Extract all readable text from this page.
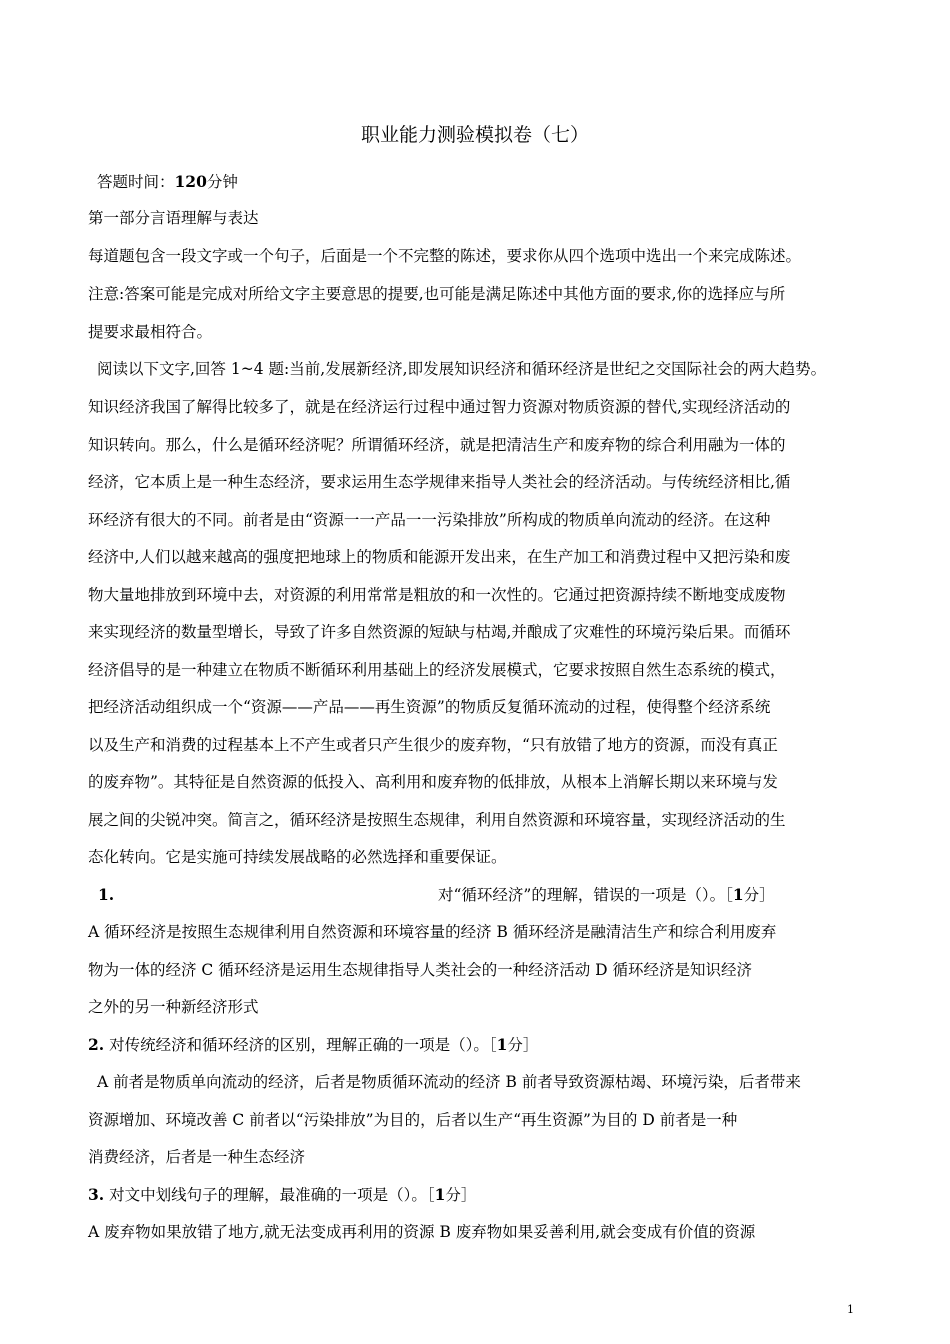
职业能力测验模拟卷（七）
答题时间：120分钟
第一部分言语理解与表达
每道题包含一段文字或一个句子，后面是一个不完整的陈述，要求你从四个选项中选出一个来完成陈述。
注意:答案可能是完成对所给文字主要意思的提要,也可能是满足陈述中其他方面的要求,你的选择应与所
提要求最相符合。
阅读以下文字,回答 1~4 题:当前,发展新经济,即发展知识经济和循环经济是世纪之交国际社会的两大趋势。
知识经济我国了解得比较多了，就是在经济运行过程中通过智力资源对物质资源的替代,实现经济活动的
知识转向。那么，什么是循环经济呢？所谓循环经济，就是把清洁生产和废弃物的综合利用融为一体的
经济，它本质上是一种生态经济，要求运用生态学规律来指导人类社会的经济活动。与传统经济相比,循
环经济有很大的不同。前者是由“资源一一产品一一污染排放”所构成的物质单向流动的经济。在这种
经济中,人们以越来越高的强度把地球上的物质和能源开发出来，在生产加工和消费过程中又把污染和废
物大量地排放到环境中去，对资源的利用常常是粗放的和一次性的。它通过把资源持续不断地变成废物
来实现经济的数量型增长，导致了许多自然资源的短缺与枯竭,并酿成了灾难性的环境污染后果。而循环
经济倡导的是一种建立在物质不断循环利用基础上的经济发展模式，它要求按照自然生态系统的模式，
把经济活动组织成一个“资源——产品——再生资源”的物质反复循环流动的过程，使得整个经济系统
以及生产和消费的过程基本上不产生或者只产生很少的废弃物，“只有放错了地方的资源，而没有真正
的废弃物”。其特征是自然资源的低投入、高利用和废弃物的低排放，从根本上消解长期以来环境与发
展之间的尖锐冲突。简言之，循环经济是按照生态规律，利用自然资源和环境容量，实现经济活动的生
态化转向。它是实施可持续发展战略的必然选择和重要保证。
1.	对“循环经济”的理解，错误的一项是（）。［1分］
A 循环经济是按照生态规律利用自然资源和环境容量的经济 B 循环经济是融清洁生产和综合利用废弃
物为一体的经济 C 循环经济是运用生态规律指导人类社会的一种经济活动 D 循环经济是知识经济
之外的另一种新经济形式
2. 对传统经济和循环经济的区别，理解正确的一项是（）。［1分］
A 前者是物质单向流动的经济，后者是物质循环流动的经济 B 前者导致资源枯竭、环境污染，后者带来
资源增加、环境改善 C 前者以“污染排放”为目的，后者以生产“再生资源”为目的 D 前者是一种
消费经济，后者是一种生态经济
3. 对文中划线句子的理解，最准确的一项是（）。［1分］
A 废弃物如果放错了地方,就无法变成再利用的资源 B 废弃物如果妥善利用,就会变成有价值的资源
1
